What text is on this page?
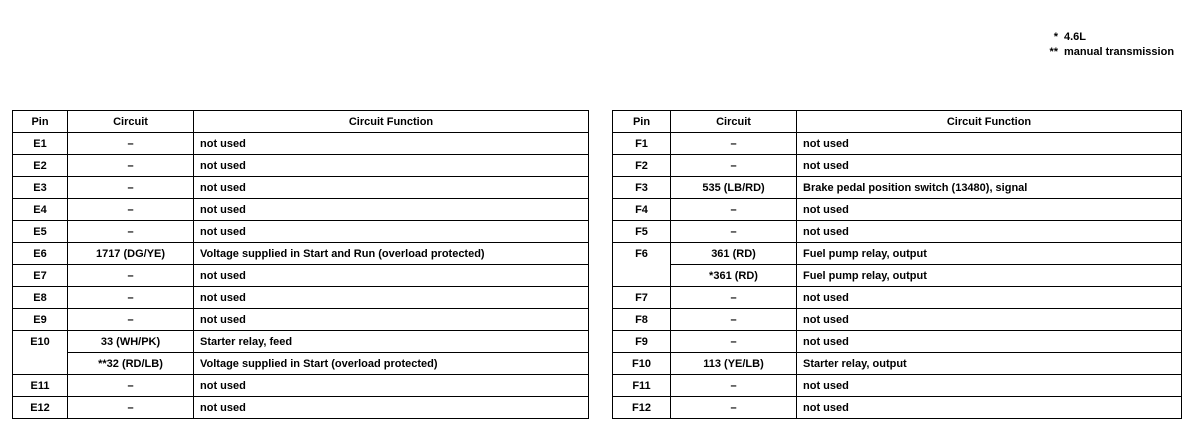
* 4.6L
** manual transmission
Pin	Circuit	Circuit Function
E1	–	not used
E2	–	not used
E3	–	not used
E4	–	not used
E5	–	not used
E6	1717 (DG/YE)	Voltage supplied in Start and Run (overload protected)
E7	–	not used
E8	–	not used
E9	–	not used
E10	33 (WH/PK)	Starter relay, feed
	**32 (RD/LB)	Voltage supplied in Start (overload protected)
E11	–	not used
E12	–	not used
Pin	Circuit	Circuit Function
F1	–	not used
F2	–	not used
F3	535 (LB/RD)	Brake pedal position switch (13480), signal
F4	–	not used
F5	–	not used
F6	361 (RD)	Fuel pump relay, output
	*361 (RD)	Fuel pump relay, output
F7	–	not used
F8	–	not used
F9	–	not used
F10	113 (YE/LB)	Starter relay, output
F11	–	not used
F12	–	not used
